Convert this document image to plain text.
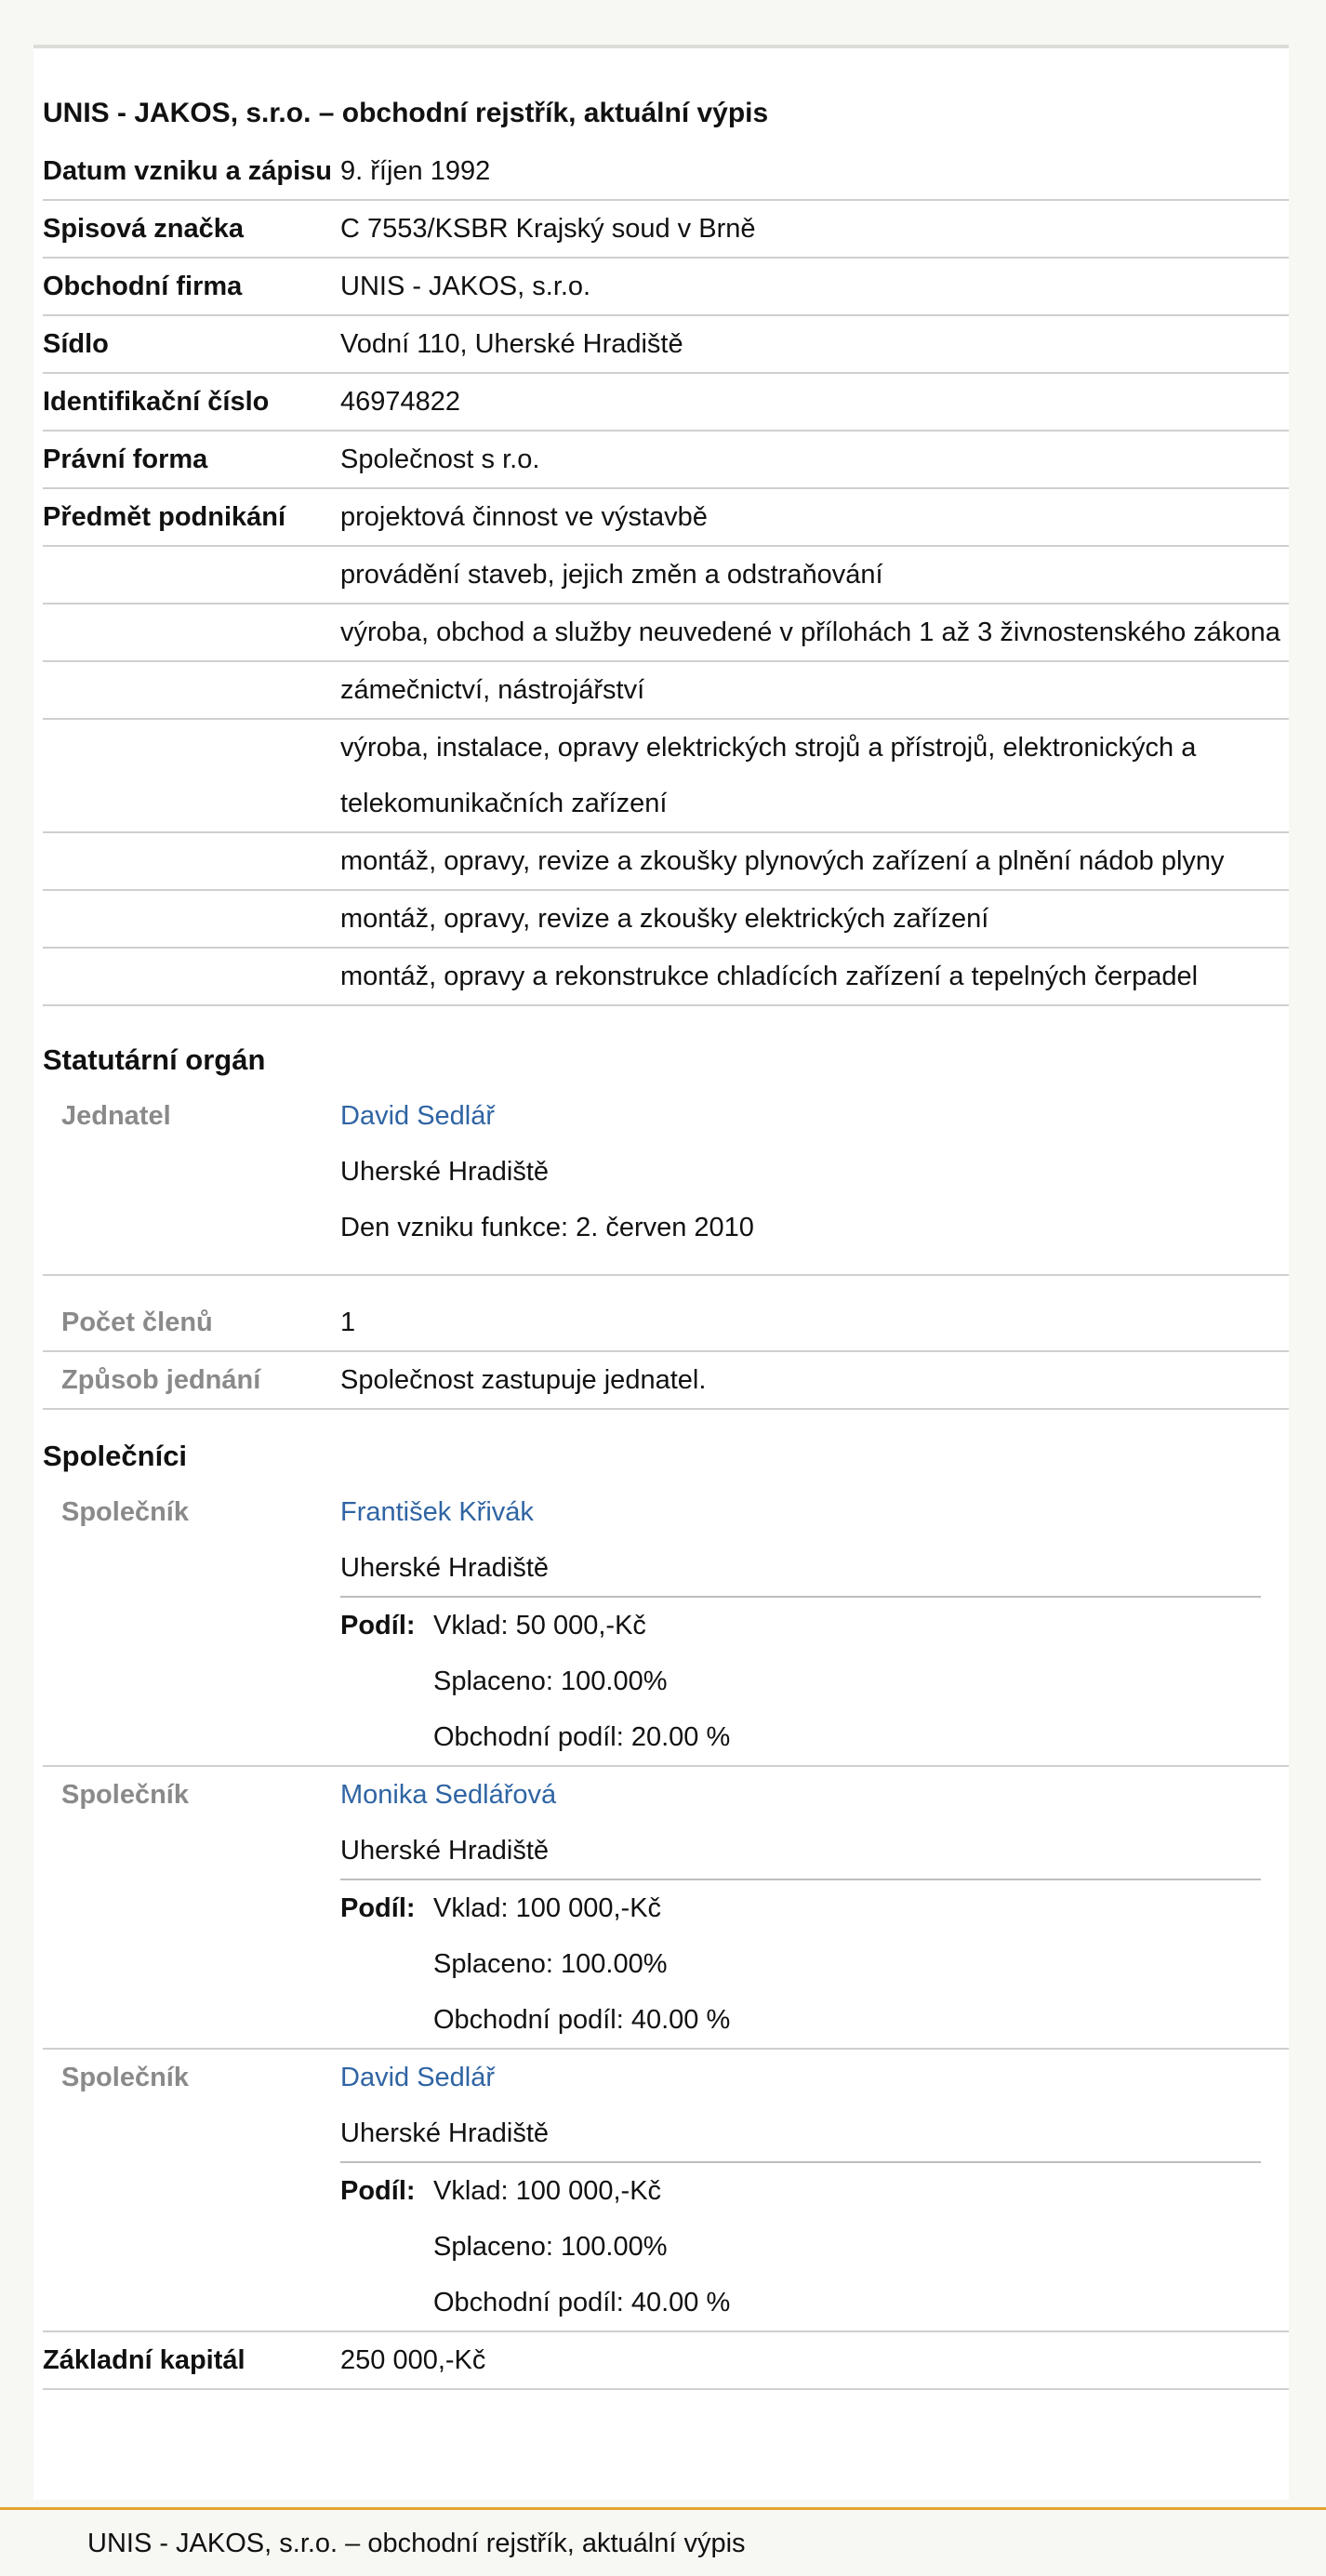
UNIS - JAKOS, s.r.o. – obchodní rejstřík, aktuální výpis
Datum vzniku a zápisu 9. říjen 1992
Spisová značka	C 7553/KSBR Krajský soud v Brně
Obchodní firma	UNIS - JAKOS, s.r.o.
Sídlo	Vodní 110, Uherské Hradiště
Identifikační číslo	46974822
Právní forma	Společnost s r.o.
Předmět podnikání	projektová činnost ve výstavbě
provádění staveb, jejich změn a odstraňování
výroba, obchod a služby neuvedené v přílohách 1 až 3 živnostenského zákona
zámečnictví, nástrojářství
výroba, instalace, opravy elektrických strojů a přístrojů, elektronických a telekomunikačních zařízení
montáž, opravy, revize a zkoušky plynových zařízení a plnění nádob plyny
montáž, opravy, revize a zkoušky elektrických zařízení
montáž, opravy a rekonstrukce chladících zařízení a tepelných čerpadel
Statutární orgán
Jednatel	David Sedlář
Uherské Hradiště
Den vzniku funkce: 2. červen 2010
Počet členů	1
Způsob jednání	Společnost zastupuje jednatel.
Společníci
Společník	František Křivák
Uherské Hradiště
Podíl: Vklad: 50 000,-Kč
Splaceno: 100.00%
Obchodní podíl: 20.00 %
Společník	Monika Sedlářová
Uherské Hradiště
Podíl: Vklad: 100 000,-Kč
Splaceno: 100.00%
Obchodní podíl: 40.00 %
Společník	David Sedlář
Uherské Hradiště
Podíl: Vklad: 100 000,-Kč
Splaceno: 100.00%
Obchodní podíl: 40.00 %
Základní kapitál	250 000,-Kč
UNIS - JAKOS, s.r.o. – obchodní rejstřík, aktuální výpis
